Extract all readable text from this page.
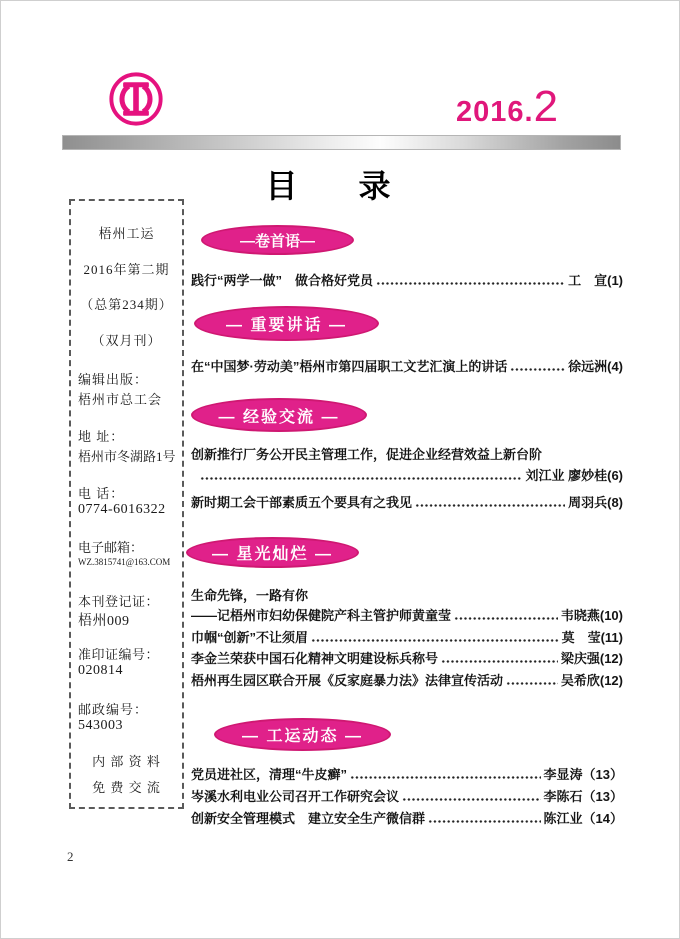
2016.2
目 录
梧州工运
2016年第二期
（总第234期）
（双月刊）
编辑出版：
梧州市总工会
地 址：
梧州市冬湖路1号
电 话：
0774-6016322
电子邮箱：
WZ.3815741@163.COM
本刊登记证：
梧州009
准印证编号：
020814
邮政编号：
543003
内 部 资 料
免 费 交 流
—卷首语—
践行“两学一做”　做合格好党员	工　宣 (1)
— 重要讲话 —
在“中国梦·劳动美”梧州市第四届职工文艺汇演上的讲话	徐远洲 (4)
— 经验交流 —
创新推行厂务公开民主管理工作，促进企业经营效益上新台阶
刘江业 廖妙桂 (6)
新时期工会干部素质五个要具有之我见	周羽兵 (8)
— 星光灿烂 —
生命先锋，一路有你
——记梧州市妇幼保健院产科主管护师黄童莹	韦晓燕 (10)
巾帼“创新”不让须眉	莫　莹 (11)
李金兰荣获中国石化精神文明建设标兵称号	梁庆强 (12)
梧州再生园区联合开展《反家庭暴力法》法律宣传活动	吴希欣 (12)
— 工运动态 —
党员进社区，清理“牛皮癣”	李显涛 （13）
岑溪水利电业公司召开工作研究会议	李陈石 （13）
创新安全管理模式　建立安全生产微信群	陈江业 （14）
2
